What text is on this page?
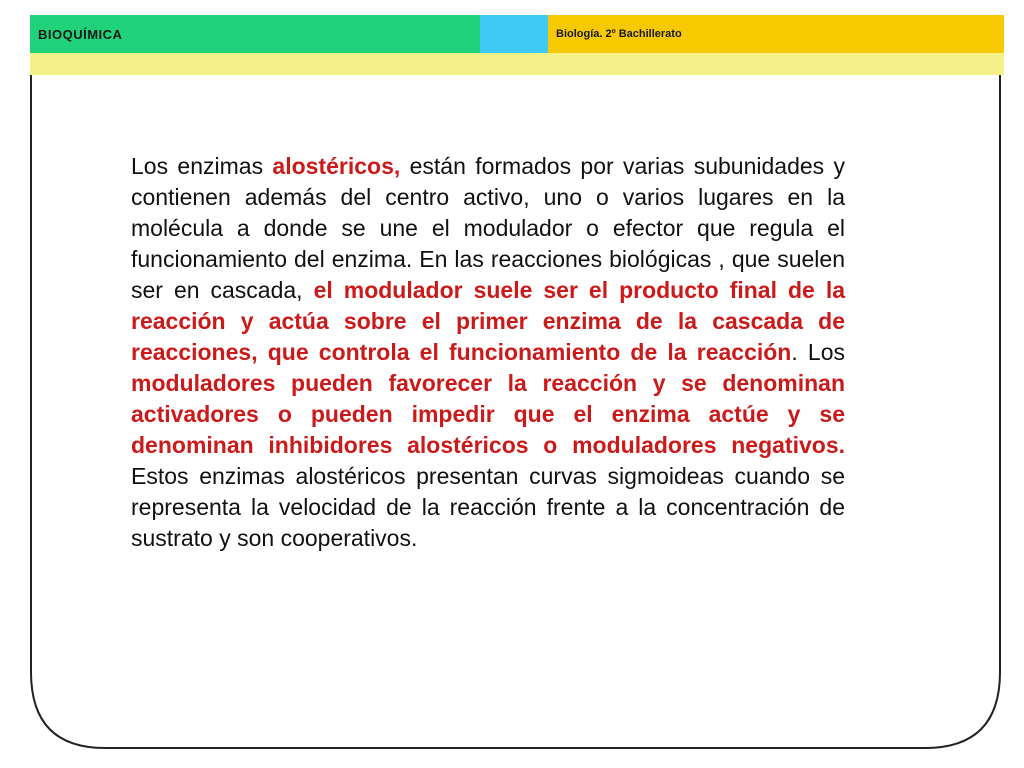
BIOQUÍMICA	Biología. 2º Bachillerato
Los enzimas alostéricos, están formados por varias subunidades y contienen además del centro activo, uno o varios lugares en la molécula a donde se une el modulador o efector que regula el funcionamiento del enzima. En las reacciones biológicas , que suelen ser en cascada, el modulador suele ser el producto final de la reacción y actúa sobre el primer enzima de la cascada de reacciones, que controla el funcionamiento de la reacción. Los moduladores pueden favorecer la reacción y se denominan activadores o pueden impedir que el enzima actúe y se denominan inhibidores alostéricos o moduladores negativos. Estos enzimas alostéricos presentan curvas sigmoideas cuando se representa la velocidad de la reacción frente a la concentración de sustrato y son cooperativos.
